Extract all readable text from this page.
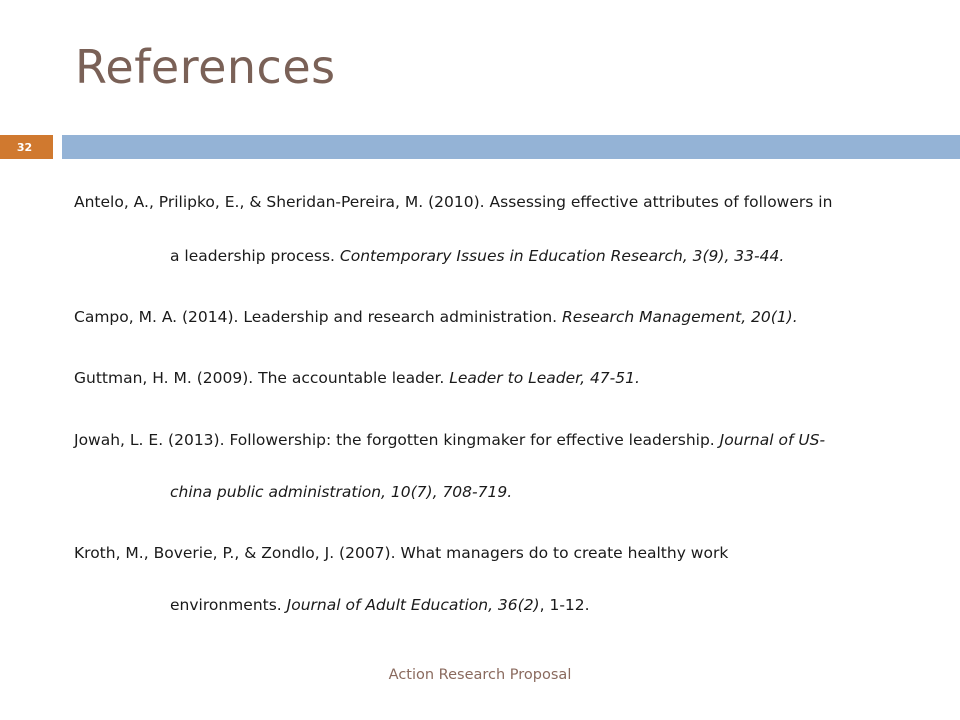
References
32
Antelo, A., Prilipko, E., & Sheridan-Pereira, M. (2010). Assessing effective attributes of followers in
a leadership process. Contemporary Issues in Education Research, 3(9), 33-44.
Campo, M. A. (2014). Leadership and research administration. Research Management, 20(1).
Guttman, H. M. (2009). The accountable leader. Leader to Leader, 47-51.
Jowah, L. E. (2013). Followership: the forgotten kingmaker for effective leadership. Journal of US-
china public administration, 10(7), 708-719.
Kroth, M., Boverie, P., & Zondlo, J. (2007). What managers do to create healthy work
environments. Journal of Adult Education, 36(2), 1-12.
Action Research Proposal
